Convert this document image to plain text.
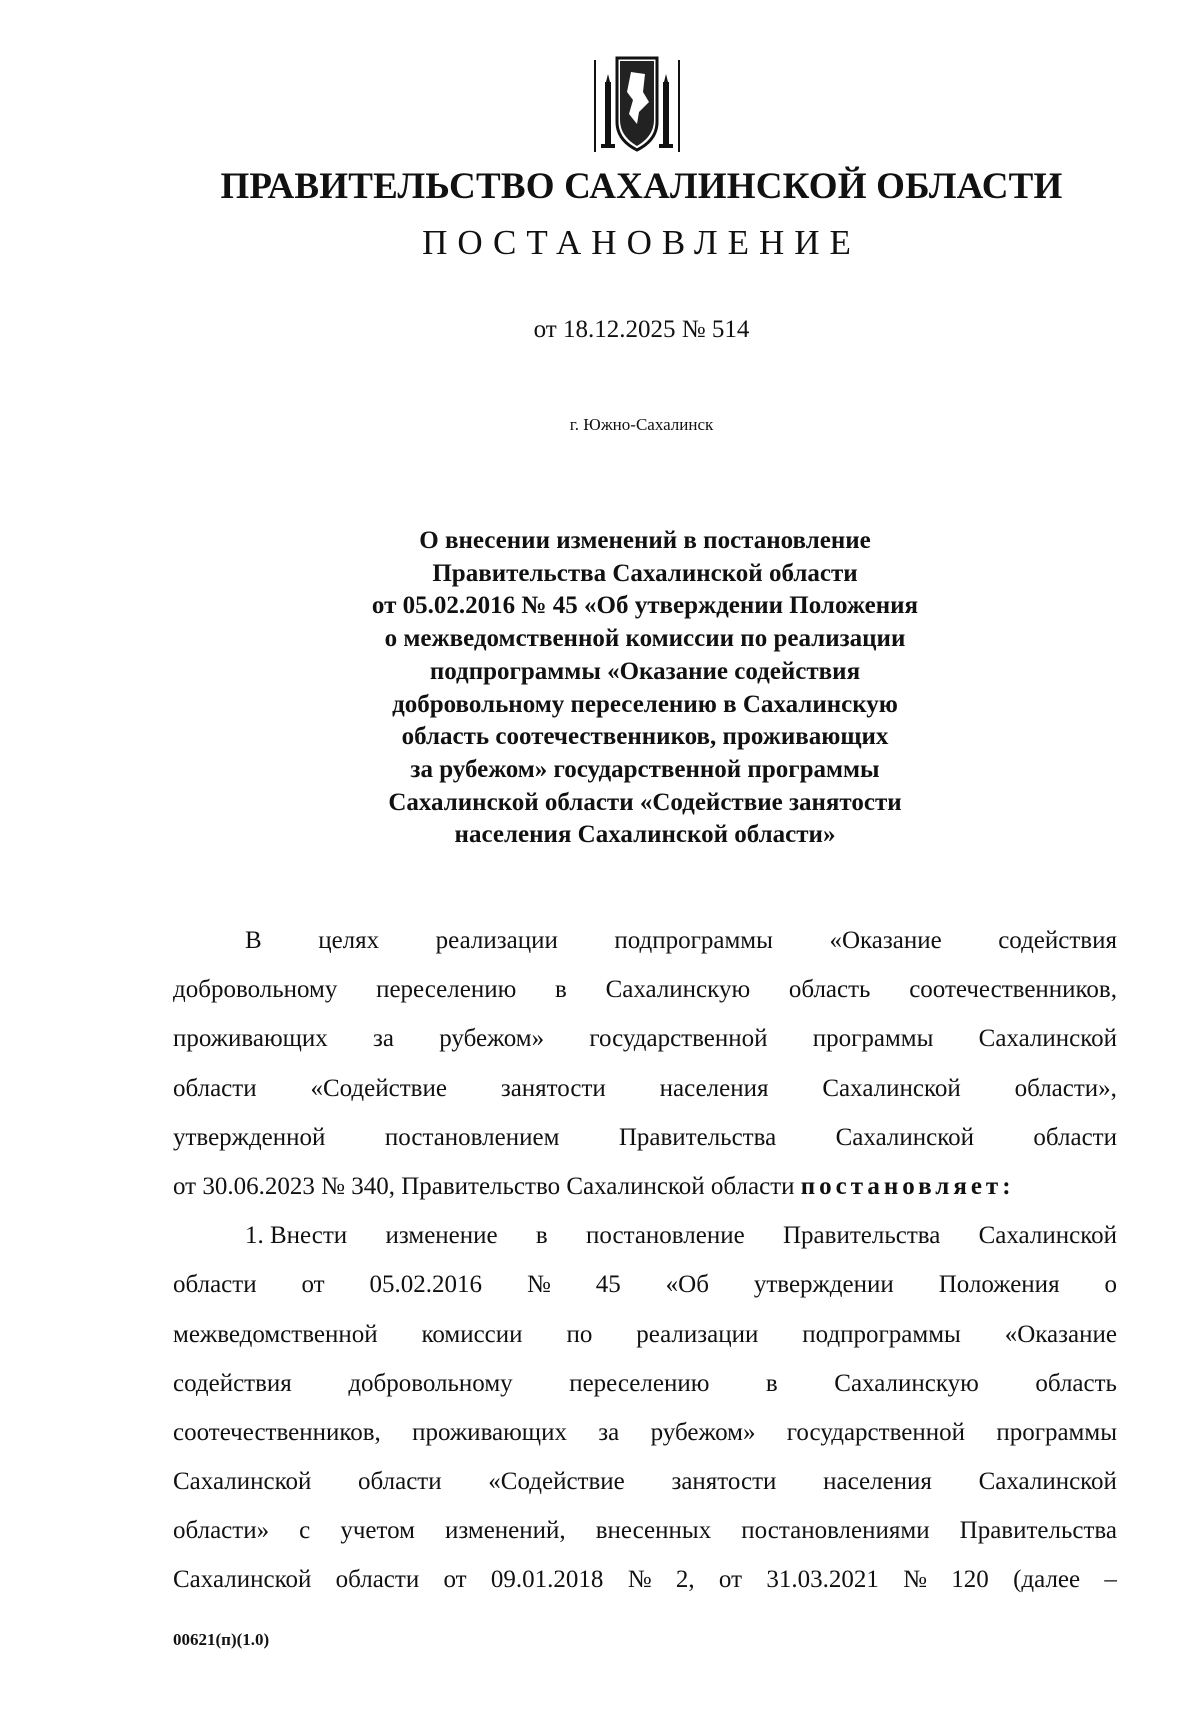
ПРАВИТЕЛЬСТВО САХАЛИНСКОЙ ОБЛАСТИ
ПОСТАНОВЛЕНИЕ
от 18.12.2025 № 514
г. Южно-Сахалинск
О внесении изменений в постановление
Правительства Сахалинской области
от 05.02.2016 № 45 «Об утверждении Положения
о межведомственной комиссии по реализации
подпрограммы «Оказание содействия
добровольному переселению в Сахалинскую
область соотечественников, проживающих
за рубежом» государственной программы
Сахалинской области «Содействие занятости
населения Сахалинской области»
В целях реализации подпрограммы «Оказание содействия
добровольному переселению в Сахалинскую область соотечественников,
проживающих за рубежом» государственной программы Сахалинской
области «Содействие занятости населения Сахалинской области»,
утвержденной постановлением Правительства Сахалинской области
от 30.06.2023 № 340, Правительство Сахалинской области
постановляет :
1. Внести изменение в постановление Правительства Сахалинской
области от 05.02.2016 № 45 «Об утверждении Положения о
межведомственной комиссии по реализации подпрограммы «Оказание
содействия добровольному переселению в Сахалинскую область
соотечественников, проживающих за рубежом» государственной программы
Сахалинской области «Содействие занятости населения Сахалинской
области» с учетом изменений, внесенных постановлениями Правительства
Сахалинской области от 09.01.2018 № 2, от 31.03.2021 № 120 (далее –
00621(п)(1.0)
